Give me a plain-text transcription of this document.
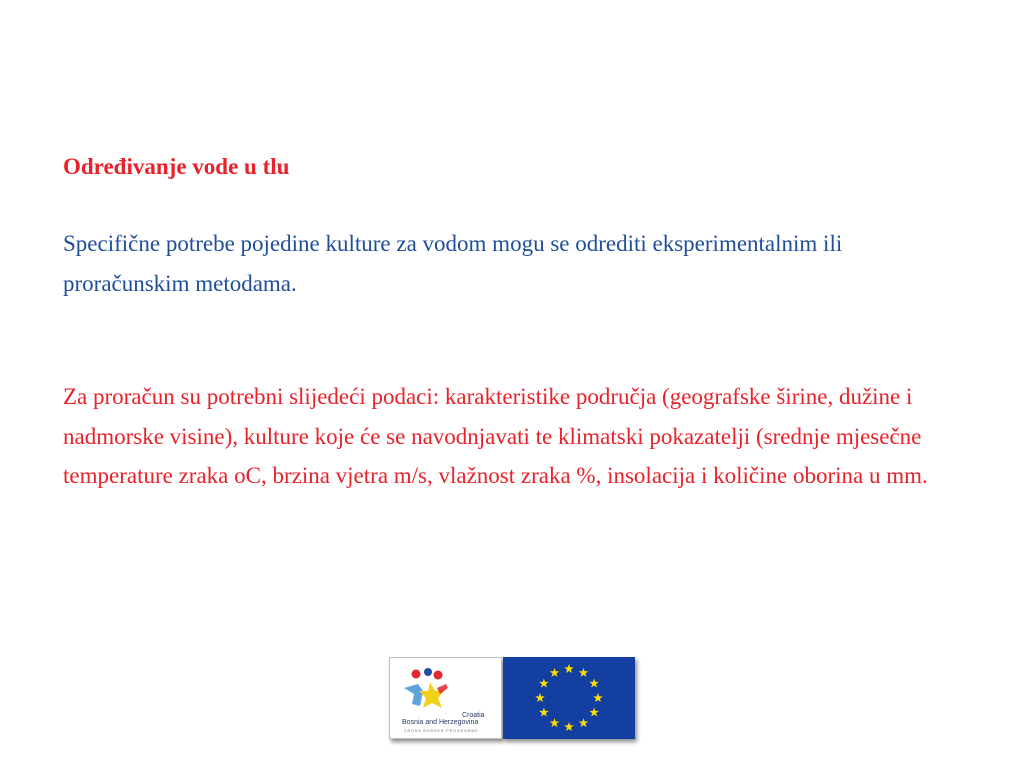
Određivanje vode u tlu

Specifične potrebe pojedine kulture za vodom mogu se odrediti eksperimentalnim ili proračunskim metodama.

Za proračun su potrebni slijedeći podaci: karakteristike područja (geografske širine, dužine i nadmorske visine), kulture koje će se navodnjavati te klimatski pokazatelji (srednje mjesečne temperature zraka oC, brzina vjetra m/s, vlažnost zraka %, insolacija i količine oborina u mm.

Croatia
Bosnia and Herzegovina
CROSS BORDER PROGRAMME
